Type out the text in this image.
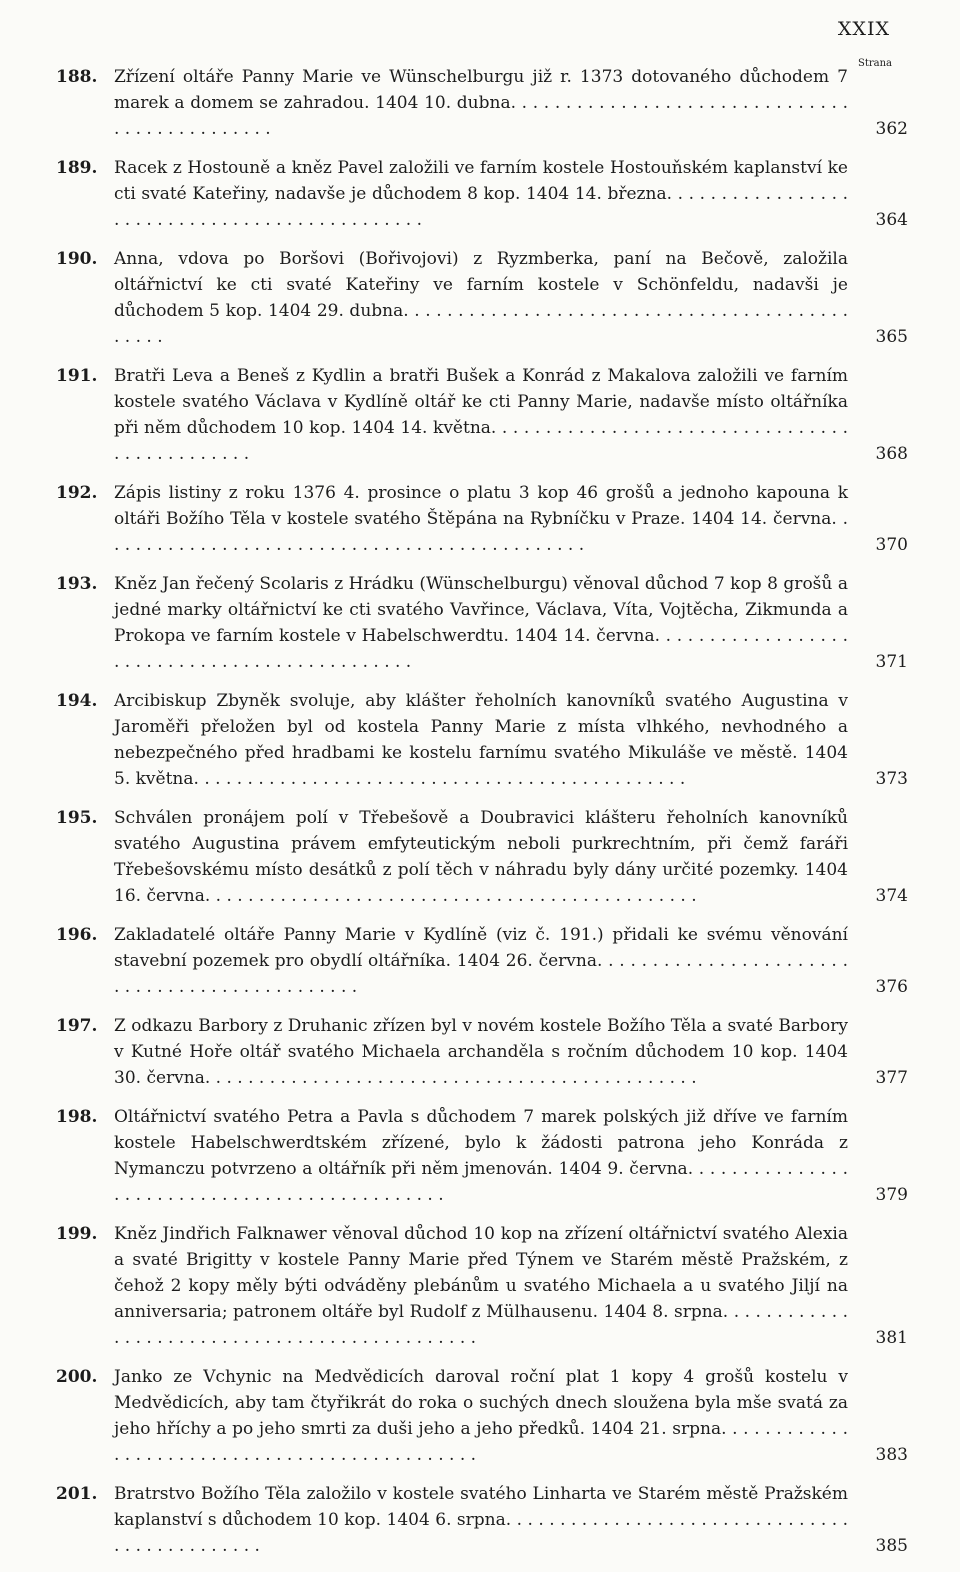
XXIX
Strana
188. Zřízení oltáře Panny Marie ve Wünschelburgu již r. 1373 dotovaného důchodem 7 marek a domem se zahradou. 1404 10. dubna. . . .
362
189. Racek z Hostouně a kněz Pavel založili ve farním kostele Hostouňském kaplanství ke cti svaté Kateřiny, nadavše je důchodem 8 kop. 1404 14. března. . . .
364
190. Anna, vdova po Boršovi (Bořivojovi) z Ryzmberka, paní na Bečově, založila oltářnictví ke cti svaté Kateřiny ve farním kostele v Schönfeldu, nadavši je důchodem 5 kop. 1404 29. dubna. . . .
365
191. Bratři Leva a Beneš z Kydlin a bratři Bušek a Konrád z Makalova založili ve farním kostele svatého Václava v Kydlíně oltář ke cti Panny Marie, nadavše místo oltářníka při něm důchodem 10 kop. 1404 14. května. . . .
368
192. Zápis listiny z roku 1376 4. prosince o platu 3 kop 46 grošů a jednoho kapouna k oltáři Božího Těla v kostele svatého Štěpána na Rybníčku v Praze. 1404 14. června. . . .
370
193. Kněz Jan řečený Scolaris z Hrádku (Wünschelburgu) věnoval důchod 7 kop 8 grošů a jedné marky oltářnictví ke cti svatého Vavřince, Václava, Víta, Vojtěcha, Zikmunda a Prokopa ve farním kostele v Habelschwerdtu. 1404 14. června. . . .
371
194. Arcibiskup Zbyněk svoluje, aby klášter řeholních kanovníků svatého Augustina v Jaroměři přeložen byl od kostela Panny Marie z místa vlhkého, nevhodného a nebezpečného před hradbami ke kostelu farnímu svatého Mikuláše ve městě. 1404 5. května. . . .	373
195. Schválen pronájem polí v Třebešově a Doubravici klášteru řeholních kanovníků svatého Augustina právem emfyteutickým neboli purkrechtním, při čemž faráři Třebešovskému místo desátků z polí těch v náhradu byly dány určité pozemky. 1404 16. června. . . .	374
196. Zakladatelé oltáře Panny Marie v Kydlíně (viz č. 191.) přidali ke svému věnování stavební pozemek pro obydlí oltářníka. 1404 26. června. . . .
376
197. Z odkazu Barbory z Druhanic zřízen byl v novém kostele Božího Těla a svaté Barbory v Kutné Hoře oltář svatého Michaela archanděla s ročním důchodem 10 kop. 1404 30. června. . . .	377
198. Oltářnictví svatého Petra a Pavla s důchodem 7 marek polských již dříve ve farním kostele Habelschwerdtském zřízené, bylo k žádosti patrona jeho Konráda z Nymanczu potvrzeno a oltářník při něm jmenován. 1404 9. června. . . .
379
199. Kněz Jindřich Falknawer věnoval důchod 10 kop na zřízení oltářnictví svatého Alexia a svaté Brigitty v kostele Panny Marie před Týnem ve Starém městě Pražském, z čehož 2 kopy měly býti odváděny plebánům u svatého Michaela a u svatého Jiljí na anniversaria; patronem oltáře byl Rudolf z Mülhausenu. 1404 8. srpna. . . .
381
200. Janko ze Vchynic na Medvědicích daroval roční plat 1 kopy 4 grošů kostelu v Medvědicích, aby tam čtyřikrát do roka o suchých dnech sloužena byla mše svatá za jeho hříchy a po jeho smrti za duši jeho a jeho předků. 1404 21. srpna. . . .
383
201. Bratrstvo Božího Těla založilo v kostele svatého Linharta ve Starém městě Pražském kaplanství s důchodem 10 kop. 1404 6. srpna. . . .
385
